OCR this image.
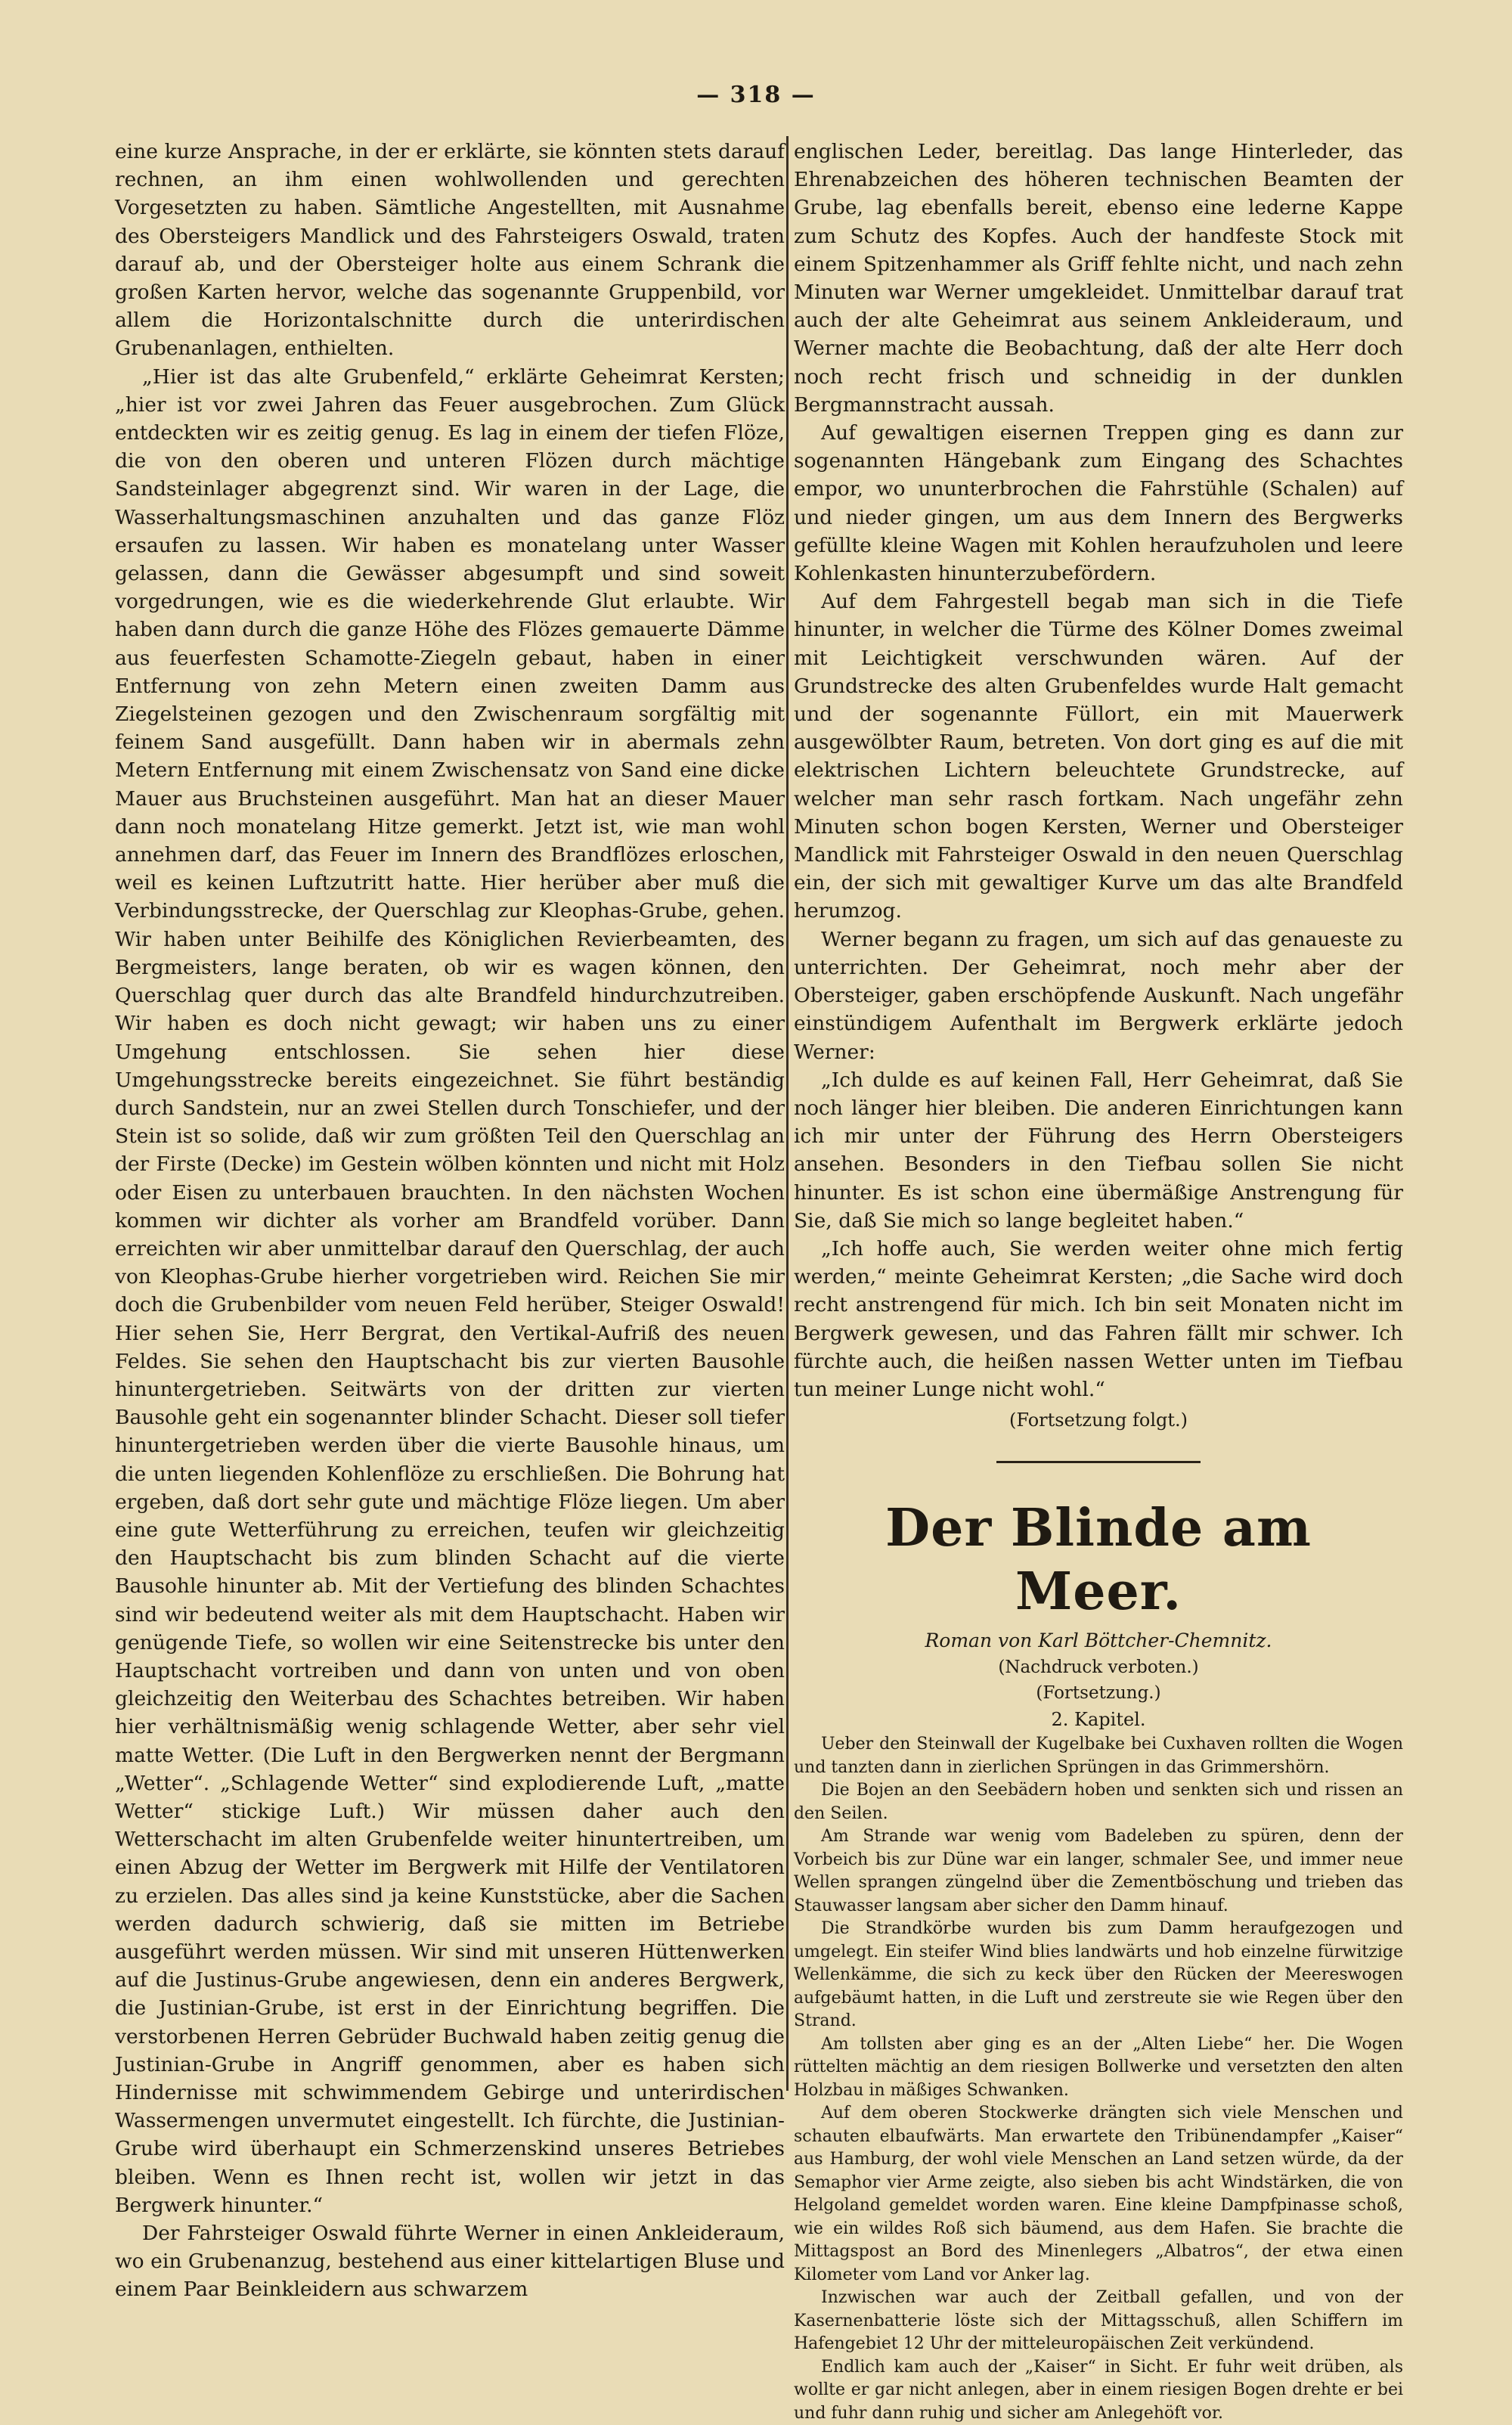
— 318 —

eine kurze Ansprache, in der er erklärte, sie könnten stets darauf rechnen, an ihm einen wohlwollenden und gerechten Vorgesetzten zu haben. Sämtliche Angestellten, mit Ausnahme des Obersteigers Mandlick und des Fahrsteigers Oswald, traten darauf ab, und der Obersteiger holte aus einem Schrank die großen Karten hervor, welche das sogenannte Gruppenbild, vor allem die Horizontalschnitte durch die unterirdischen Grubenanlagen, enthielten.

„Hier ist das alte Grubenfeld,“ erklärte Geheimrat Kersten; „hier ist vor zwei Jahren das Feuer ausgebrochen. Zum Glück entdeckten wir es zeitig genug. Es lag in einem der tiefen Flöze, die von den oberen und unteren Flözen durch mächtige Sandsteinlager abgegrenzt sind. Wir waren in der Lage, die Wasserhaltungsmaschinen anzuhalten und das ganze Flöz ersaufen zu lassen. Wir haben es monatelang unter Wasser gelassen, dann die Gewässer abgesumpft und sind soweit vorgedrungen, wie es die wiederkehrende Glut erlaubte. Wir haben dann durch die ganze Höhe des Flözes gemauerte Dämme aus feuerfesten Schamotte-Ziegeln gebaut, haben in einer Entfernung von zehn Metern einen zweiten Damm aus Ziegelsteinen gezogen und den Zwischenraum sorgfältig mit feinem Sand ausgefüllt. Dann haben wir in abermals zehn Metern Entfernung mit einem Zwischensatz von Sand eine dicke Mauer aus Bruchsteinen ausgeführt. Man hat an dieser Mauer dann noch monatelang Hitze gemerkt. Jetzt ist, wie man wohl annehmen darf, das Feuer im Innern des Brandflözes erloschen, weil es keinen Luftzutritt hatte. Hier herüber aber muß die Verbindungsstrecke, der Querschlag zur Kleophas-Grube, gehen. Wir haben unter Beihilfe des Königlichen Revierbeamten, des Bergmeisters, lange beraten, ob wir es wagen können, den Querschlag quer durch das alte Brandfeld hindurchzutreiben. Wir haben es doch nicht gewagt; wir haben uns zu einer Umgehung entschlossen. Sie sehen hier diese Umgehungsstrecke bereits eingezeichnet. Sie führt beständig durch Sandstein, nur an zwei Stellen durch Tonschiefer, und der Stein ist so solide, daß wir zum größten Teil den Querschlag an der Firste (Decke) im Gestein wölben könnten und nicht mit Holz oder Eisen zu unterbauen brauchten. In den nächsten Wochen kommen wir dichter als vorher am Brandfeld vorüber. Dann erreichten wir aber unmittelbar darauf den Querschlag, der auch von Kleophas-Grube hierher vorgetrieben wird. Reichen Sie mir doch die Grubenbilder vom neuen Feld herüber, Steiger Oswald! Hier sehen Sie, Herr Bergrat, den Vertikal-Aufriß des neuen Feldes. Sie sehen den Hauptschacht bis zur vierten Bausohle hinuntergetrieben. Seitwärts von der dritten zur vierten Bausohle geht ein sogenannter blinder Schacht. Dieser soll tiefer hinuntergetrieben werden über die vierte Bausohle hinaus, um die unten liegenden Kohlenflöze zu erschließen. Die Bohrung hat ergeben, daß dort sehr gute und mächtige Flöze liegen. Um aber eine gute Wetterführung zu erreichen, teufen wir gleichzeitig den Hauptschacht bis zum blinden Schacht auf die vierte Bausohle hinunter ab. Mit der Vertiefung des blinden Schachtes sind wir bedeutend weiter als mit dem Hauptschacht. Haben wir genügende Tiefe, so wollen wir eine Seitenstrecke bis unter den Hauptschacht vortreiben und dann von unten und von oben gleichzeitig den Weiterbau des Schachtes betreiben. Wir haben hier verhältnismäßig wenig schlagende Wetter, aber sehr viel matte Wetter. (Die Luft in den Bergwerken nennt der Bergmann „Wetter“. „Schlagende Wetter“ sind explodierende Luft, „matte Wetter“ stickige Luft.) Wir müssen daher auch den Wetterschacht im alten Grubenfelde weiter hinuntertreiben, um einen Abzug der Wetter im Bergwerk mit Hilfe der Ventilatoren zu erzielen. Das alles sind ja keine Kunststücke, aber die Sachen werden dadurch schwierig, daß sie mitten im Betriebe ausgeführt werden müssen. Wir sind mit unseren Hüttenwerken auf die Justinus-Grube angewiesen, denn ein anderes Bergwerk, die Justinian-Grube, ist erst in der Einrichtung begriffen. Die verstorbenen Herren Gebrüder Buchwald haben zeitig genug die Justinian-Grube in Angriff genommen, aber es haben sich Hindernisse mit schwimmendem Gebirge und unterirdischen Wassermengen unvermutet eingestellt. Ich fürchte, die Justinian-Grube wird überhaupt ein Schmerzenskind unseres Betriebes bleiben. Wenn es Ihnen recht ist, wollen wir jetzt in das Bergwerk hinunter.“

Der Fahrsteiger Oswald führte Werner in einen Ankleideraum, wo ein Grubenanzug, bestehend aus einer kittelartigen Bluse und einem Paar Beinkleidern aus schwarzem

englischen Leder, bereitlag. Das lange Hinterleder, das Ehrenabzeichen des höheren technischen Beamten der Grube, lag ebenfalls bereit, ebenso eine lederne Kappe zum Schutz des Kopfes. Auch der handfeste Stock mit einem Spitzenhammer als Griff fehlte nicht, und nach zehn Minuten war Werner umgekleidet. Unmittelbar darauf trat auch der alte Geheimrat aus seinem Ankleideraum, und Werner machte die Beobachtung, daß der alte Herr doch noch recht frisch und schneidig in der dunklen Bergmannstracht aussah.

Auf gewaltigen eisernen Treppen ging es dann zur sogenannten Hängebank zum Eingang des Schachtes empor, wo ununterbrochen die Fahrstühle (Schalen) auf und nieder gingen, um aus dem Innern des Bergwerks gefüllte kleine Wagen mit Kohlen heraufzuholen und leere Kohlenkasten hinunterzubefördern.

Auf dem Fahrgestell begab man sich in die Tiefe hinunter, in welcher die Türme des Kölner Domes zweimal mit Leichtigkeit verschwunden wären. Auf der Grundstrecke des alten Grubenfeldes wurde Halt gemacht und der sogenannte Füllort, ein mit Mauerwerk ausgewölbter Raum, betreten. Von dort ging es auf die mit elektrischen Lichtern beleuchtete Grundstrecke, auf welcher man sehr rasch fortkam. Nach ungefähr zehn Minuten schon bogen Kersten, Werner und Obersteiger Mandlick mit Fahrsteiger Oswald in den neuen Querschlag ein, der sich mit gewaltiger Kurve um das alte Brandfeld herumzog.

Werner begann zu fragen, um sich auf das genaueste zu unterrichten. Der Geheimrat, noch mehr aber der Obersteiger, gaben erschöpfende Auskunft. Nach ungefähr einstündigem Aufenthalt im Bergwerk erklärte jedoch Werner:

„Ich dulde es auf keinen Fall, Herr Geheimrat, daß Sie noch länger hier bleiben. Die anderen Einrichtungen kann ich mir unter der Führung des Herrn Obersteigers ansehen. Besonders in den Tiefbau sollen Sie nicht hinunter. Es ist schon eine übermäßige Anstrengung für Sie, daß Sie mich so lange begleitet haben.“

„Ich hoffe auch, Sie werden weiter ohne mich fertig werden,“ meinte Geheimrat Kersten; „die Sache wird doch recht anstrengend für mich. Ich bin seit Monaten nicht im Bergwerk gewesen, und das Fahren fällt mir schwer. Ich fürchte auch, die heißen nassen Wetter unten im Tiefbau tun meiner Lunge nicht wohl.“

(Fortsetzung folgt.)
Der Blinde am Meer.
Roman von Karl Böttcher-Chemnitz.
(Nachdruck verboten.)
(Fortsetzung.)
2. Kapitel.

Ueber den Steinwall der Kugelbake bei Cuxhaven rollten die Wogen und tanzten dann in zierlichen Sprüngen in das Grimmershörn.

Die Bojen an den Seebädern hoben und senkten sich und rissen an den Seilen.

Am Strande war wenig vom Badeleben zu spüren, denn der Vorbeich bis zur Düne war ein langer, schmaler See, und immer neue Wellen sprangen züngelnd über die Zementböschung und trieben das Stauwasser langsam aber sicher den Damm hinauf.

Die Strandkörbe wurden bis zum Damm heraufgezogen und umgelegt. Ein steifer Wind blies landwärts und hob einzelne fürwitzige Wellenkämme, die sich zu keck über den Rücken der Meereswogen aufgebäumt hatten, in die Luft und zerstreute sie wie Regen über den Strand.

Am tollsten aber ging es an der „Alten Liebe“ her. Die Wogen rüttelten mächtig an dem riesigen Bollwerke und versetzten den alten Holzbau in mäßiges Schwanken.

Auf dem oberen Stockwerke drängten sich viele Menschen und schauten elbaufwärts. Man erwartete den Tribünendampfer „Kaiser“ aus Hamburg, der wohl viele Menschen an Land setzen würde, da der Semaphor vier Arme zeigte, also sieben bis acht Windstärken, die von Helgoland gemeldet worden waren. Eine kleine Dampfpinasse schoß, wie ein wildes Roß sich bäumend, aus dem Hafen. Sie brachte die Mittagspost an Bord des Minenlegers „Albatros“, der etwa einen Kilometer vom Land vor Anker lag.

Inzwischen war auch der Zeitball gefallen, und von der Kasernenbatterie löste sich der Mittagsschuß, allen Schiffern im Hafengebiet 12 Uhr der mitteleuropäischen Zeit verkündend.

Endlich kam auch der „Kaiser“ in Sicht. Er fuhr weit drüben, als wollte er gar nicht anlegen, aber in einem riesigen Bogen drehte er bei und fuhr dann ruhig und sicher am Anlegehöft vor.
